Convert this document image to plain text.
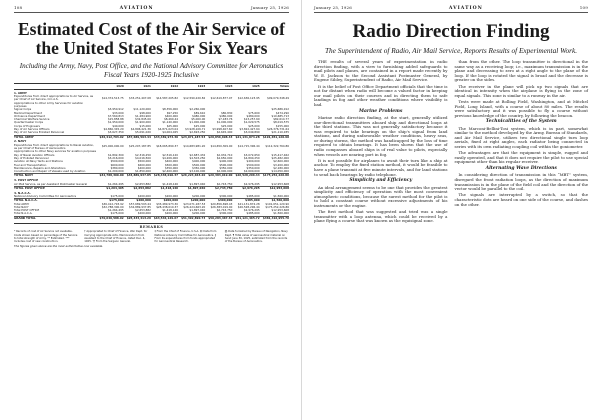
108	AVIATION	January 25, 1926
Estimated Cost of the Air Service of the United States For Six Years
Including the Army, Navy, Post Office, and the National Advisory Committee for Aeronautics Fiscal Years 1920-1925 Inclusive
	1920	1921	1922	1923	1924	1925	Totals
1. ARMY							
Expenditures from direct appropriations to Air Service, as per Chief of Air Service, O.C.A.S.	$14,374,513.75	$33,251,407.08	$14,587,205.82	$12,590,220.82	$12,619,877.07	$12,636,123.95	$99,079,348.49
Appropriations to other Army Services for aviation purposes							
Signal Corps	$3,950,912	$11,120,000	$8,356,000	$2,260,000			$25,686,912
Medical Department	$33,000	$98,000	$97,250	$89,610	$80,830	$75,600	$474,290
Ordnance Department	$7,560,813	$1,284,900	$400,000	$480,000	$480,000	$480,000	$10,685,713
Chemical Warfare Service	$15,858.88	$32,845.00	$8,469.44	$5,000.00	$7,183.76	$13,257.69	$82,614.77
Quartermaster Corps	$1,950,000	$1,900,000	$1,140,000	$1,000,000	$1,000,000	$1,029,575	$8,019,575
Corps of Engineers	$40,000	$15,000	$25,000	$25,000	$25,000	$25,000	$155,000
Pay of Air Service Officers	$4,860,345.29	$4,896,421.36	$4,871,023.04	$3,928,106.71	$3,998,407.60	$3,822,427.64	$26,376,731.64
Pay of Air Service Enlisted Personnel	$3,627,350	$5,091,020	$4,004,025	$2,693,250	$2,645,400	$3,049,890	$21,110,935
TOTAL ARMY	$36,412,793.92	$57,689,593.44	$33,489,973.30	$23,071,187.53	$20,856,698.43	$21,131,874.28	$191,651,120.90
2. NAVY							
Expenditures from direct appropriations to Naval Aviation, as per Chief of Bureau of Aeronautics	$25,000,000.00	$25,207,187.85	$18,065,890.37	$14,683,981.20	$14,650,309.00	$14,715,396.44	$112,322,764.86
Appropriations to other Navy services for aviation purposes							
Pay of Naval Aviation Officers	$1,892,300	$2,316,250	$2,516,120	$2,687,432	$2,932,710	$3,072,650	$15,417,462
Pay of Enlisted Personnel	$3,216,000	$4,016,500	$4,206,000	$4,503,250	$4,650,000	$4,890,250	$25,482,000
Aviation at Navy Yards and Stations	$500,000	$500,000	$400,000	$400,000	$400,000	$400,000	$2,600,000
Fuel and Transportation	$600,000	$600,000	$500,000	$500,000	$500,000	$500,000	$3,200,000
Maintenance, Repairs and Alterations	$380,000	$400,000	$350,000	$350,000	$350,000	$350,000	$2,180,000
Construction and Repair of Vessels used by Aviation	$1,200,000	$1,850,000	$2,400,000	$3,100,000	$2,900,000	$2,600,000	$14,050,000
TOTAL NAVY	$32,788,300.00	$34,889,937.85	$28,438,010.37	$26,224,663.20	$26,383,019.00	$26,528,296.44	$175,252,226.86
3. POST OFFICE							
Air Mail Service, as per Assistant Postmaster General	$1,264,495	$2,653,882	$1,418,146	$1,897,040	$2,743,750	$2,976,295	$12,953,608
TOTAL POST OFFICE	$1,264,495	$2,653,882	$1,418,146	$1,897,040	$2,743,750	$2,976,295	$12,953,608
4. N.A.C.A.							
National Advisory Committee for Aeronautics	$175,000	$200,000	$200,000	$200,000	$300,000	$485,000	$1,560,000
TOTAL N.A.C.A.	$175,000	$200,000	$200,000	$200,000	$300,000	$485,000	$1,560,000
Total ARMY	$36,412,793.92	$57,689,593.44	$33,489,973.30	$23,071,187.53	$20,856,698.43	$21,131,874.28	$191,651,120.90
Total NAVY	$32,788,300.00	$34,889,937.85	$28,438,010.37	$26,224,663.20	$26,383,019.00	$26,528,296.44	$175,252,226.86
Total POST OFFICE	$1,264,495	$2,653,882	$1,418,146	$1,897,040	$2,743,750	$2,976,295	$12,953,608
Total N.A.C.A.	$175,000	$200,000	$200,000	$200,000	$300,000	$485,000	$1,560,000
GRAND TOTAL	$70,640,588.92	$95,433,413.29	$63,546,129.67	$51,392,890.73	$50,283,467.43	$51,121,465.72	$381,416,955.76
REMARKS
* Records of cost of Air Service not available. Costs shown based on percentage of the Service to total strength of Army. ** Estimated. *** Includes cost of new construction.
† Appropriated to Chief of Finance, War Dept. for Carrying Appropriate Acts. Memorandum from Assistant to the Chief of Finance, dated Dec. 4, 1925. †† From the Surgeon General.
‡ From the Chief of Finance, U.S.A. ‡‡ Data from National Advisory Committee for Aeronautics. § From its expenditures from funds appropriated for Aeronautical Research.
§§ Data furnished by Bureau of Navigation, Navy Dept. ¶ Total value of aeronautical material on hand June 30, 1925, estimated from the records of the Bureau of Aeronautics.
The figures given above are the most authoritative now available.
January 25, 1926	AVIATION	109
Radio Direction Finding
The Superintendent of Radio, Air Mail Service, Reports Results of Experimental Work.

THE results of several years of experimentation in radio direction finding, with a view to furnishing added safeguards to mail pilots and planes, are contained in a report made recently by W. E. Jackson to the Second Assistant Postmaster General, by Eugene Sibley, Superintendent of Radio, Air Mail Service.

It is the belief of Post Office Department officials that the time is not far distant when radio will become a valued factor in keeping our mail pilots on their courses and in directing them to safe landings in fog and other weather conditions where visibility is bad.

Marine Problems

Marine radio direction finding, at the start, generally utilized one-directional transmitters aboard ship and directional loops at the third stations. This was not generally satisfactory because it was required to take bearings on the ship's signal from land stations, and during unfavorable weather conditions, heavy seas, or during storms, the method was handicapped by the loss of time required to obtain bearings. It has been shown that the use of radio compasses aboard ships is of real value to pilots, especially when vessels are nearing port in fog.

It is not possible for airplanes to await their turn like a ship at anchor. To employ the fixed station method, it would be feasible to have a plane transmit at five minute intervals, and for land stations to send back bearings by radio telephone.

Simplicity and Efficiency

An ideal arrangement seems to be one that provides the greatest simplicity and efficiency of operation with the most convenient atmospheric conditions, because the surest method for the pilot is to hold a constant course without excessive adjustments of his instruments or the engine.

The first method that was suggested and tried was a single transmitter with a loop antenna, which could be received by a plane flying a course that was known as the equisignal zone.

than from the other. The loop transmitter is directional in the same way as a receiving loop; i.e., maximum transmission is in the plane and decreasing to zero at a right angle to the plane of the loop. If the loop is rotated the signal is broad and the decrease is greater on the sides.

The receiver in the plane will pick up two signals that are identical in intensity when the airplane is flying in the zone of equal signals. This zone is similar to a runway in the air.

Tests were made at Bolling Field, Washington, and at Mitchel Field, Long Island, with a course of about 80 miles. The results were satisfactory and it was possible to fly a course without previous knowledge of the country, by following the beacon.

Technicalities of the System

The Marconi-Bellini-Tosi system, which is in part, somewhat similar to the method developed by the Army, Bureau of Standards, and Air Mail Service, utilizes two directional single turn loop aerials, fixed at right angles, each radiator being connected in series with its own radiating coupling coil within the goniometer.

The advantages are that the equipment is simple, rugged and easily operated, and that it does not require the pilot to use special equipment other than his regular receiver.

Alternating Wave Directions

In considering direction of transmission in this “MBT” system, disregard the front radiation loops, as the direction of maximum transmission is in the plane of the field coil and the direction of the vector would be parallel to the coil.

The signals are interrupted by a switch, so that the characteristic dots are heard on one side of the course, and dashes on the other.
